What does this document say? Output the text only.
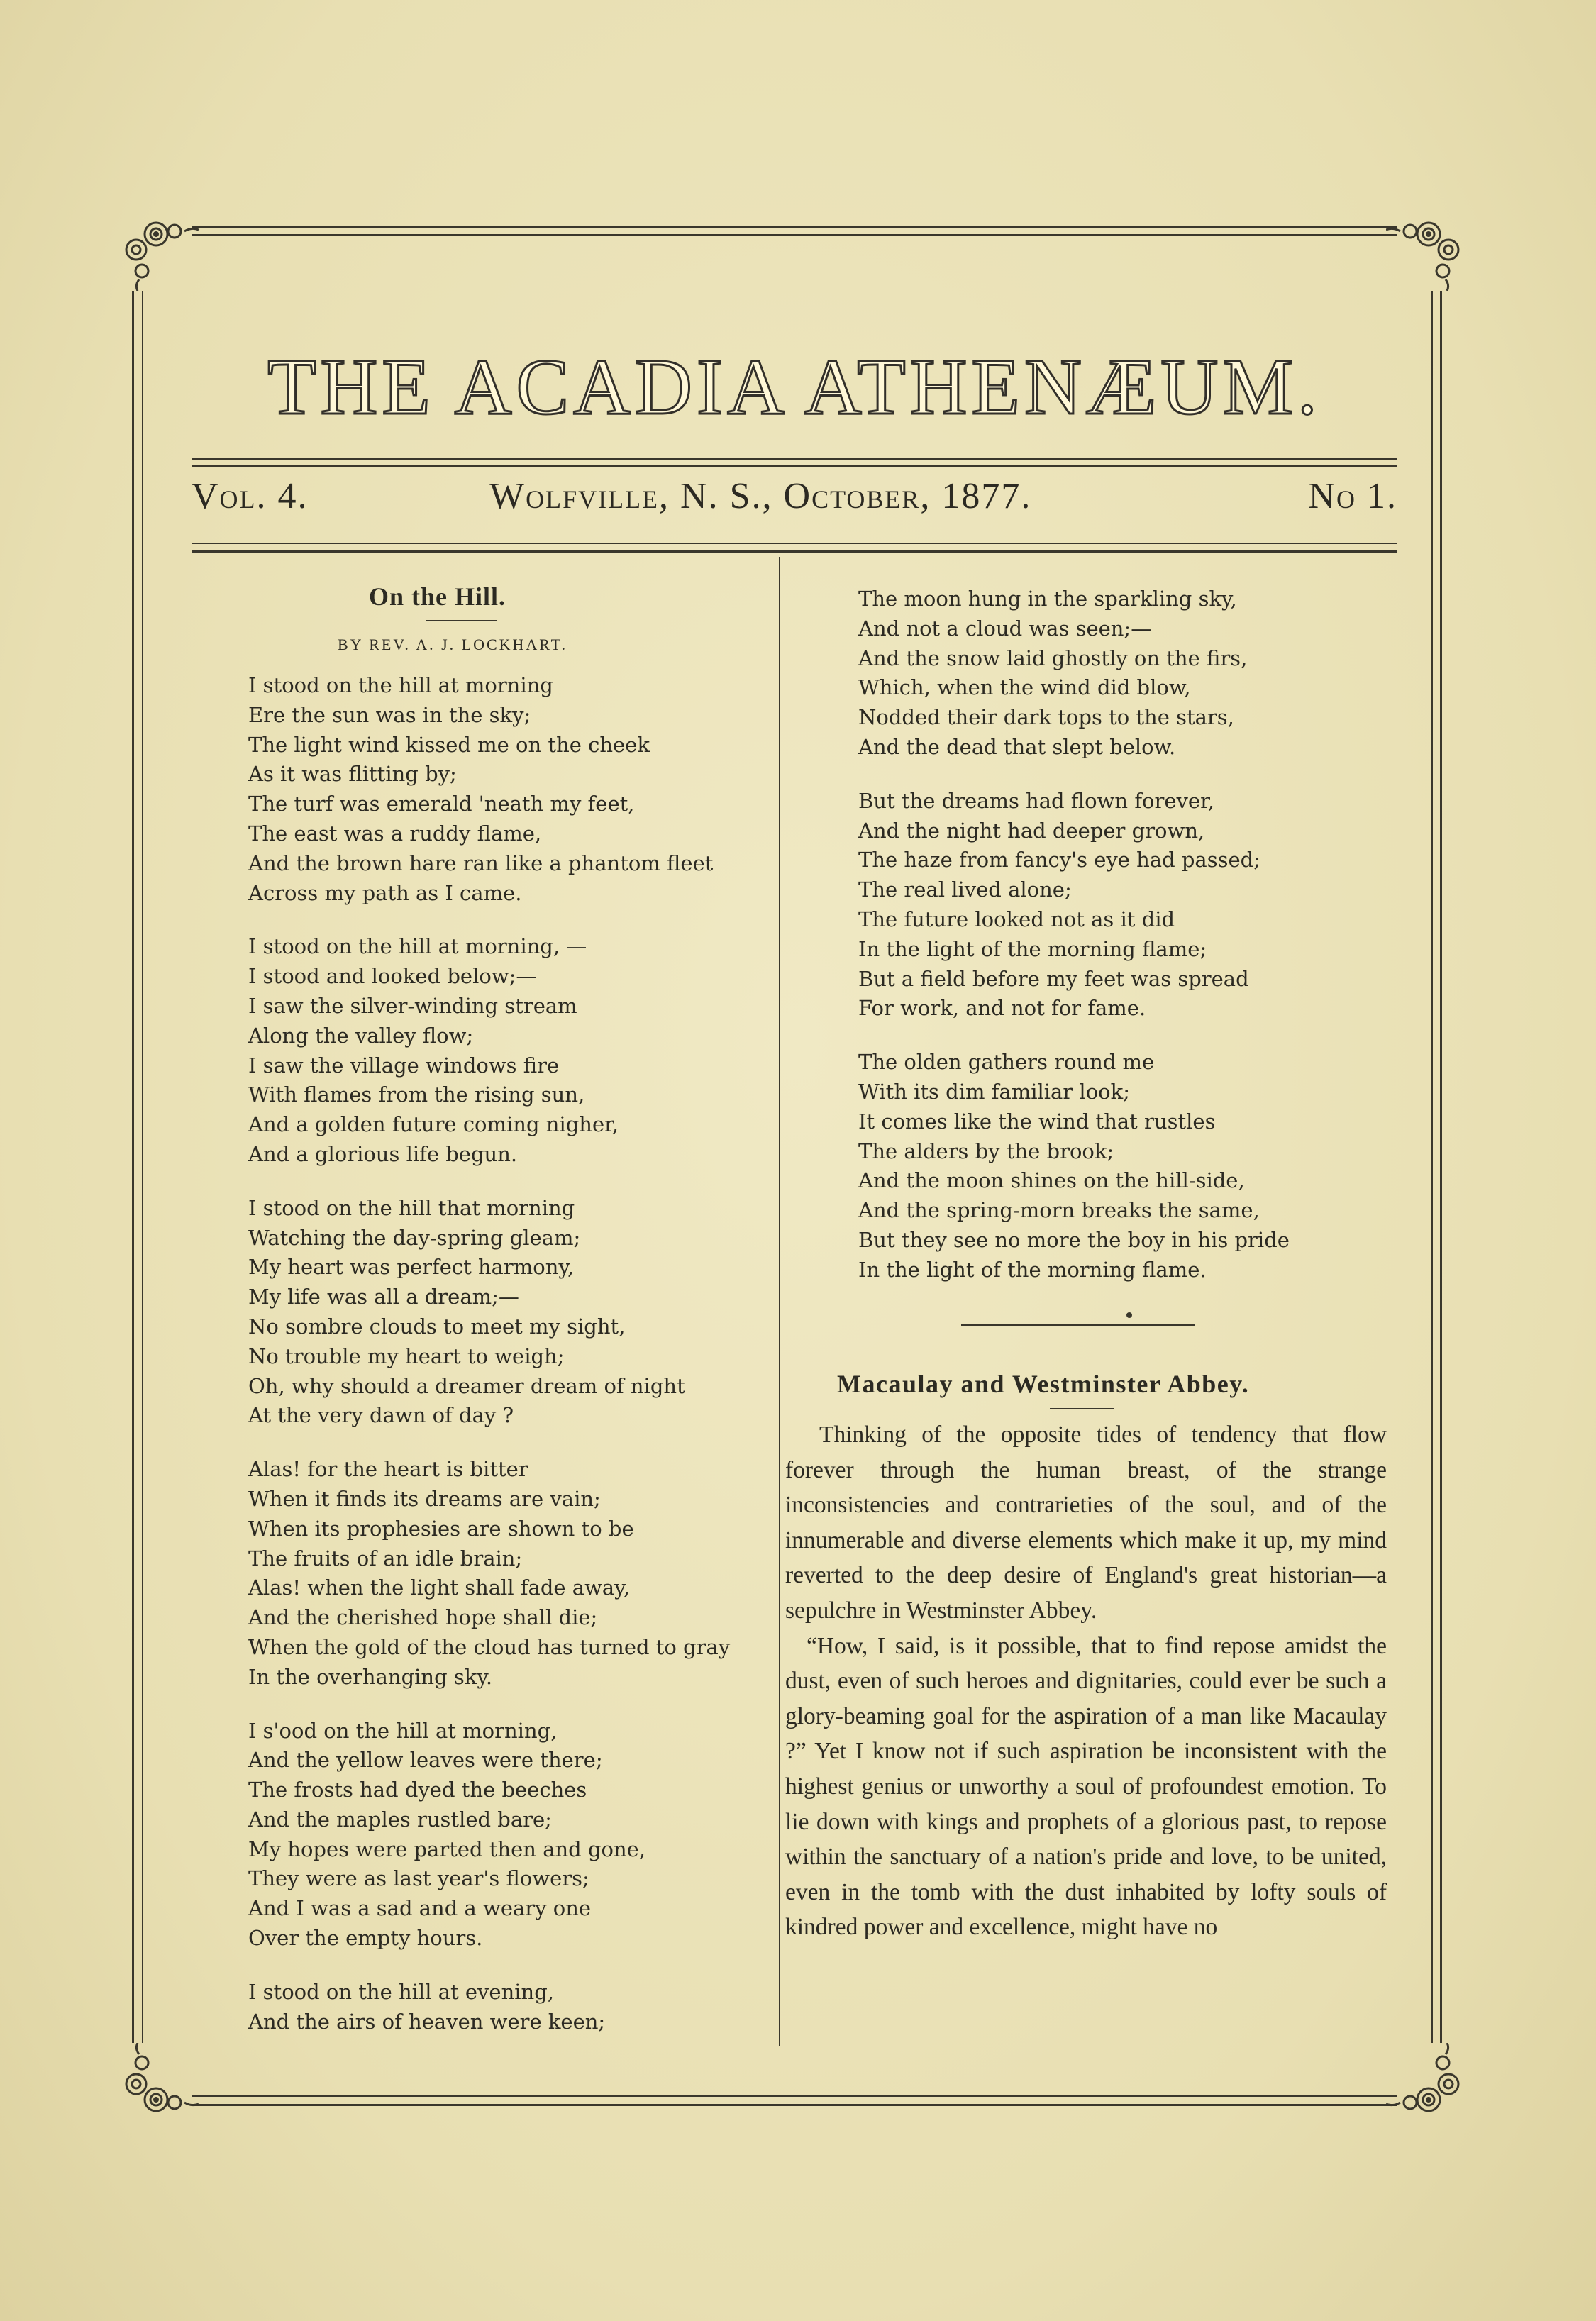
THE ACADIA ATHENÆUM.
Vol. 4.	Wolfville, N. S., October, 1877.	No 1.
On the Hill.
BY REV. A. J. LOCKHART.
I stood on the hill at morning
Ere the sun was in the sky;
The light wind kissed me on the cheek
As it was flitting by;
The turf was emerald 'neath my feet,
The east was a ruddy flame,
And the brown hare ran like a phantom fleet
Across my path as I came.
I stood on the hill at morning, —
I stood and looked below;—
I saw the silver-winding stream
Along the valley flow;
I saw the village windows fire
With flames from the rising sun,
And a golden future coming nigher,
And a glorious life begun.
I stood on the hill that morning
Watching the day-spring gleam;
My heart was perfect harmony,
My life was all a dream;—
No sombre clouds to meet my sight,
No trouble my heart to weigh;
Oh, why should a dreamer dream of night
At the very dawn of day ?
Alas! for the heart is bitter
When it finds its dreams are vain;
When its prophesies are shown to be
The fruits of an idle brain;
Alas! when the light shall fade away,
And the cherished hope shall die;
When the gold of the cloud has turned to gray
In the overhanging sky.
I s'ood on the hill at morning,
And the yellow leaves were there;
The frosts had dyed the beeches
And the maples rustled bare;
My hopes were parted then and gone,
They were as last year's flowers;
And I was a sad and a weary one
Over the empty hours.
I stood on the hill at evening,
And the airs of heaven were keen;
The moon hung in the sparkling sky,
And not a cloud was seen;—
And the snow laid ghostly on the firs,
Which, when the wind did blow,
Nodded their dark tops to the stars,
And the dead that slept below.
But the dreams had flown forever,
And the night had deeper grown,
The haze from fancy's eye had passed;
The real lived alone;
The future looked not as it did
In the light of the morning flame;
But a field before my feet was spread
For work, and not for fame.
The olden gathers round me
With its dim familiar look;
It comes like the wind that rustles
The alders by the brook;
And the moon shines on the hill-side,
And the spring-morn breaks the same,
But they see no more the boy in his pride
In the light of the morning flame.
Macaulay and Westminster Abbey.

Thinking of the opposite tides of tendency that flow forever through the human breast, of the strange inconsistencies and contrarieties of the soul, and of the innumerable and diverse elements which make it up, my mind reverted to the deep desire of England's great historian—a sepulchre in Westminster Abbey.

“How, I said, is it possible, that to find repose amidst the dust, even of such heroes and dignitaries, could ever be such a glory-beaming goal for the aspiration of a man like Macaulay ?” Yet I know not if such aspiration be inconsistent with the highest genius or unworthy a soul of profoundest emotion. To lie down with kings and prophets of a glorious past, to repose within the sanctuary of a nation's pride and love, to be united, even in the tomb with the dust inhabited by lofty souls of kindred power and excellence, might have no
